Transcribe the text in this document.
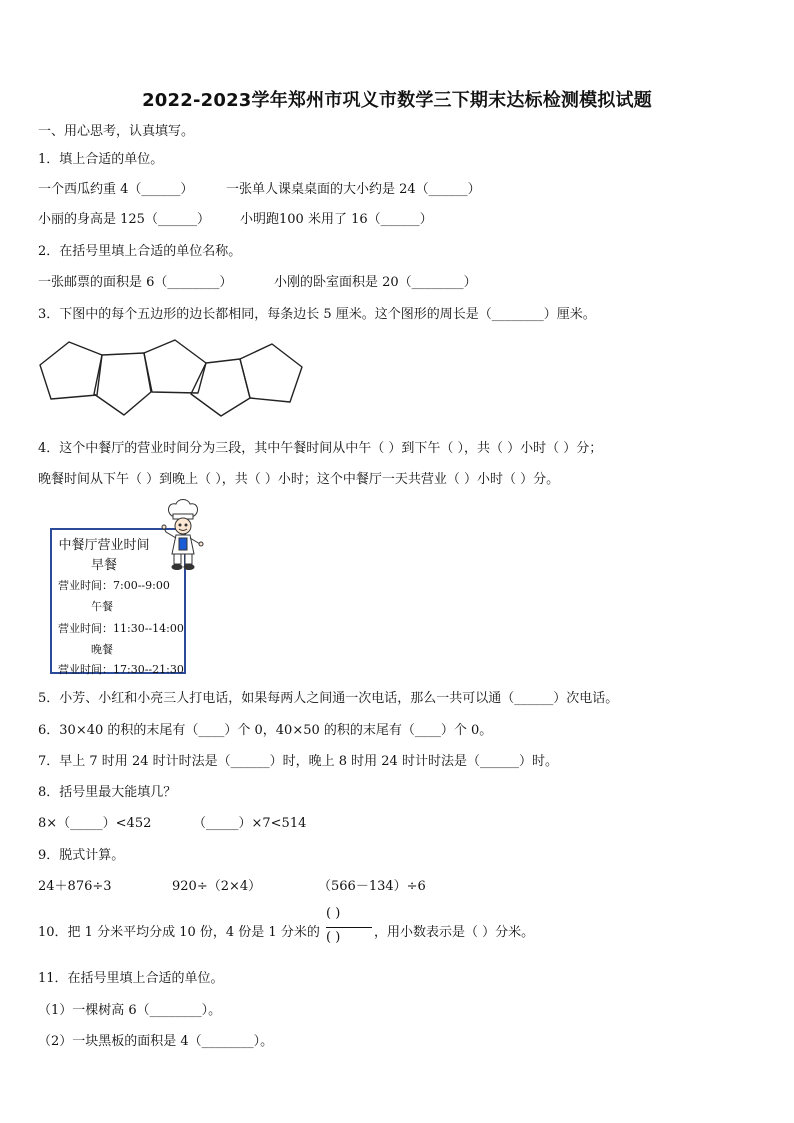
2022-2023学年郑州市巩义市数学三下期末达标检测模拟试题
一、用心思考，认真填写。
1．填上合适的单位。
一个西瓜约重 4（______）	一张单人课桌桌面的大小约是 24（______）
小丽的身高是 125（______） 小明跑100 米用了 16（______）
2．在括号里填上合适的单位名称。
一张邮票的面积是 6（________）	小刚的卧室面积是 20（________）
3．下图中的每个五边形的边长都相同，每条边长 5 厘米。这个图形的周长是（________）厘米。
4．这个中餐厅的营业时间分为三段，其中午餐时间从中午（ ）到下午（ ），共（ ）小时（ ）分；
晚餐时间从下午（ ）到晚上（ ），共（ ）小时；这个中餐厅一天共营业（ ）小时（ ）分。
中餐厅营业时间
早餐
营业时间：7:00--9:00
午餐
营业时间：11:30--14:00
晚餐
营业时间：17:30--21:30
5．小芳、小红和小亮三人打电话，如果每两人之间通一次电话，那么一共可以通（______）次电话。
6．30×40 的积的末尾有（____）个 0，40×50 的积的末尾有（____）个 0。
7．早上 7 时用 24 时计时法是（______）时，晚上 8 时用 24 时计时法是（______）时。
8．括号里最大能填几？
8×（_____）<452	（_____）×7<514
9．脱式计算。
24＋876÷3	920÷（2×4）	（566－134）÷6
10．把 1 分米平均分成 10 份，4 份是 1 分米的
( )
( )	，用小数表示是（ ）分米。
11．在括号里填上合适的单位。
（1）一棵树高 6（________）。
（2）一块黑板的面积是 4（________）。
